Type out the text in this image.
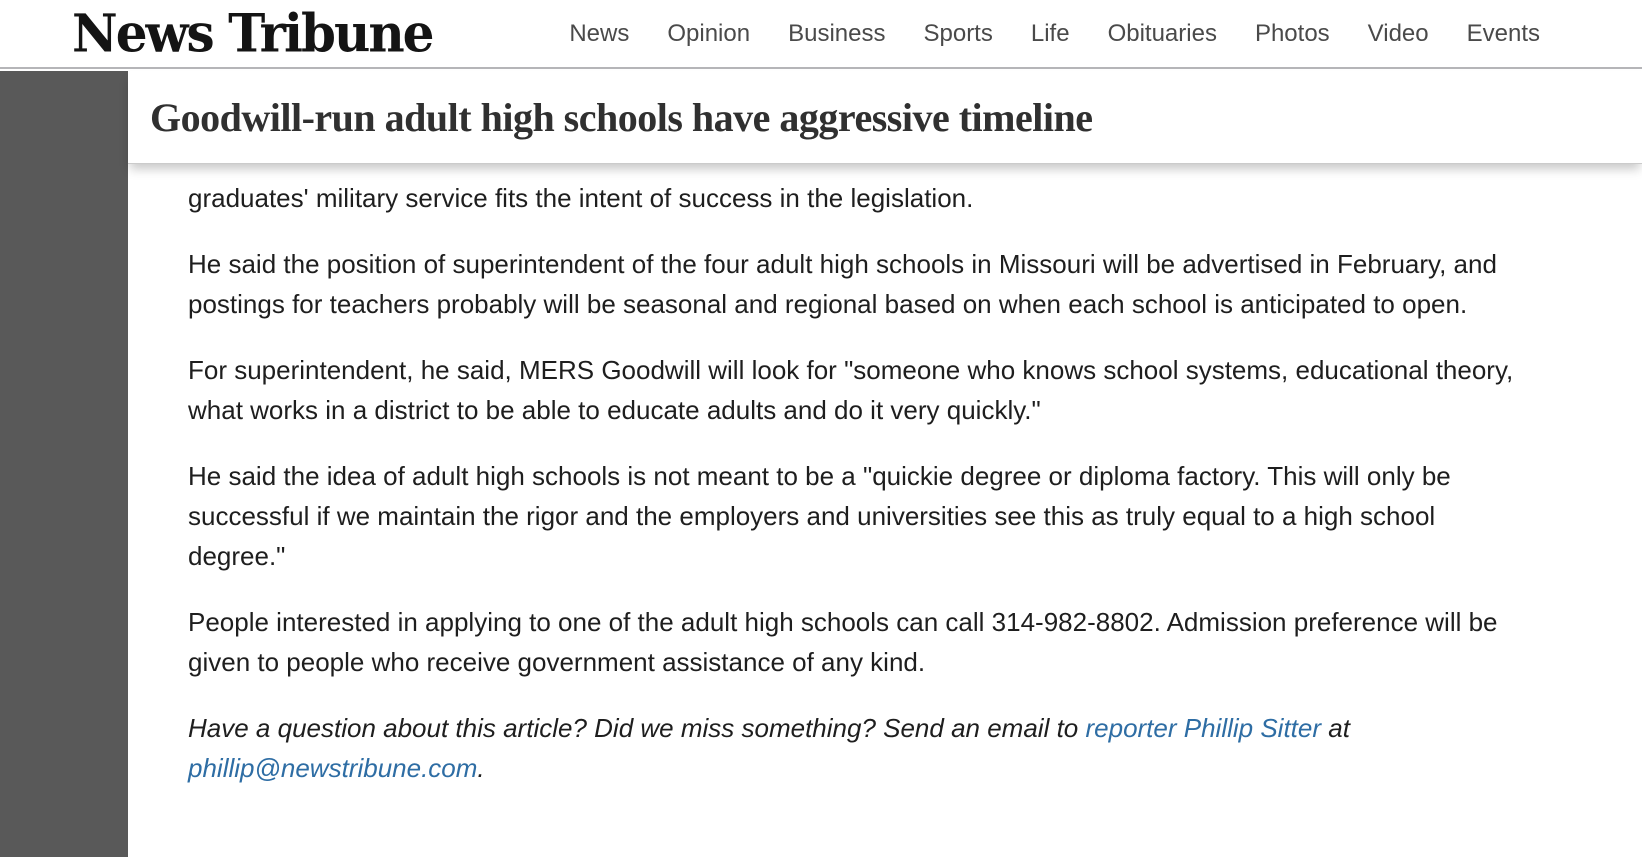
News Tribune	News Opinion Business Sports Life Obituaries Photos Video Events
Goodwill-run adult high schools have aggressive timeline

graduates' military service fits the intent of success in the legislation.

He said the position of superintendent of the four adult high schools in Missouri will be advertised in February, and postings for teachers probably will be seasonal and regional based on when each school is anticipated to open.

For superintendent, he said, MERS Goodwill will look for "someone who knows school systems, educational theory, what works in a district to be able to educate adults and do it very quickly."

He said the idea of adult high schools is not meant to be a "quickie degree or diploma factory. This will only be successful if we maintain the rigor and the employers and universities see this as truly equal to a high school degree."

People interested in applying to one of the adult high schools can call 314-982-8802. Admission preference will be given to people who receive government assistance of any kind.

Have a question about this article? Did we miss something? Send an email to reporter Phillip Sitter at phillip@newstribune.com.
